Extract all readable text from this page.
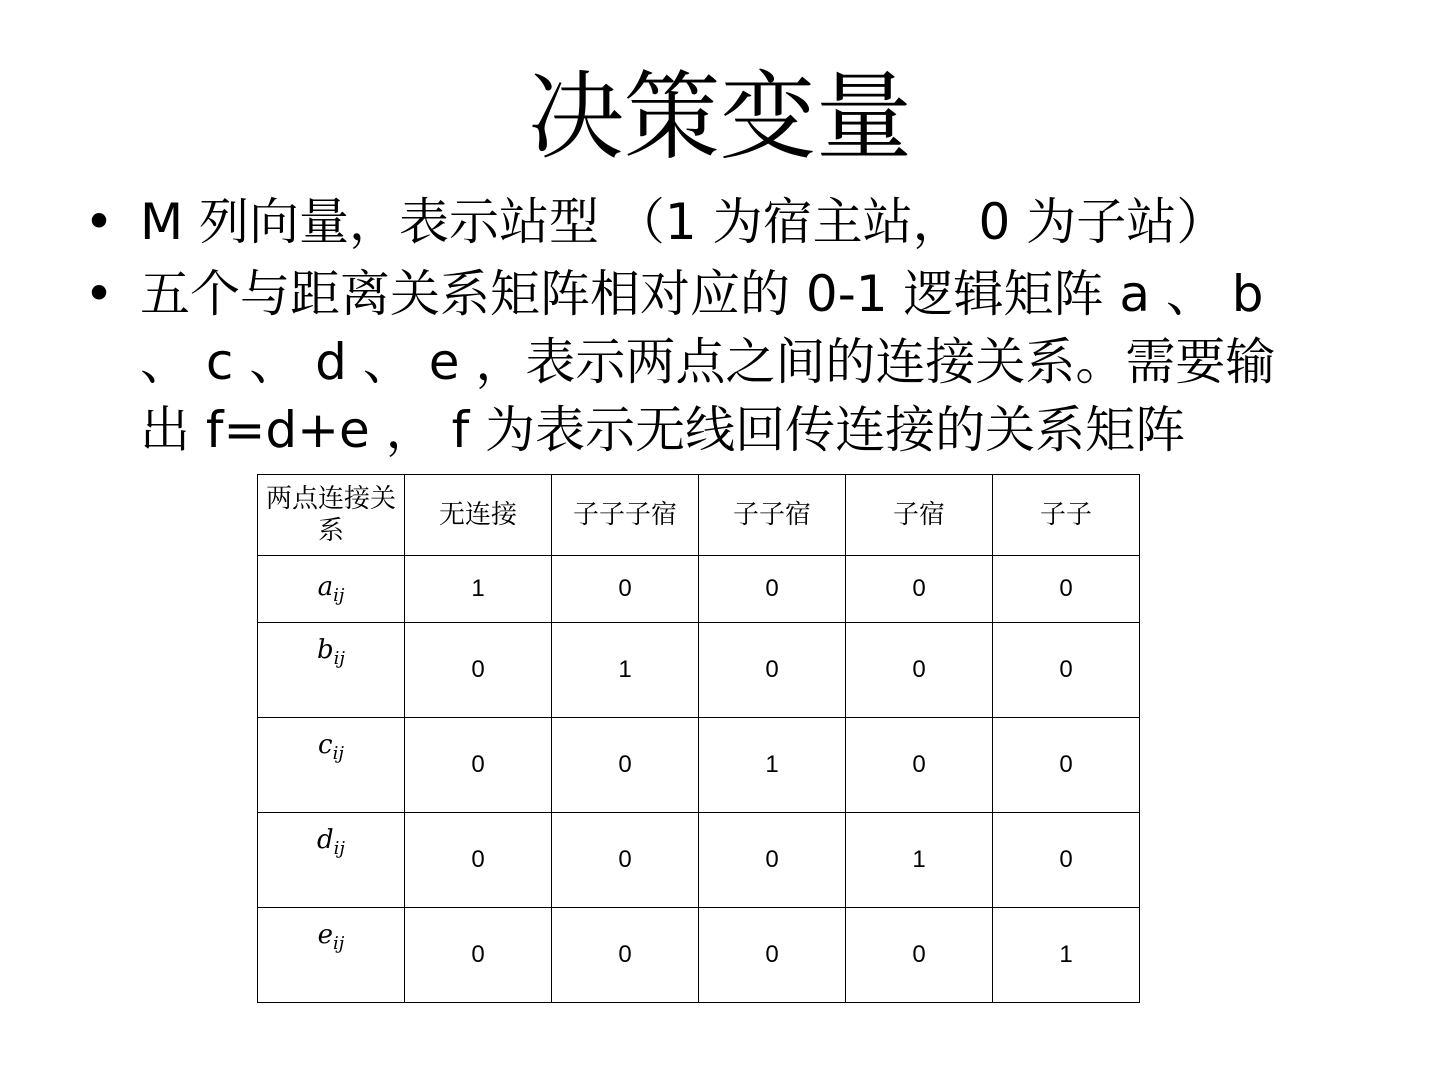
决策变量
• M 列向量，表示站型 （1 为宿主站， 0 为子站）
• 五个与距离关系矩阵相对应的 0-1 逻辑矩阵 a 、 b 、 c 、 d 、 e ，表示两点之间的连接关系。需要输出 f=d+e ， f 为表示无线回传连接的关系矩阵
两点连接关系	无连接	子子子宿	子子宿	子宿	子子
$a_{ij}$	1	0	0	0	0
$b_{ij}$	0	1	0	0	0
$c_{ij}$	0	0	1	0	0
$d_{ij}$	0	0	0	1	0
$e_{ij}$	0	0	0	0	1
